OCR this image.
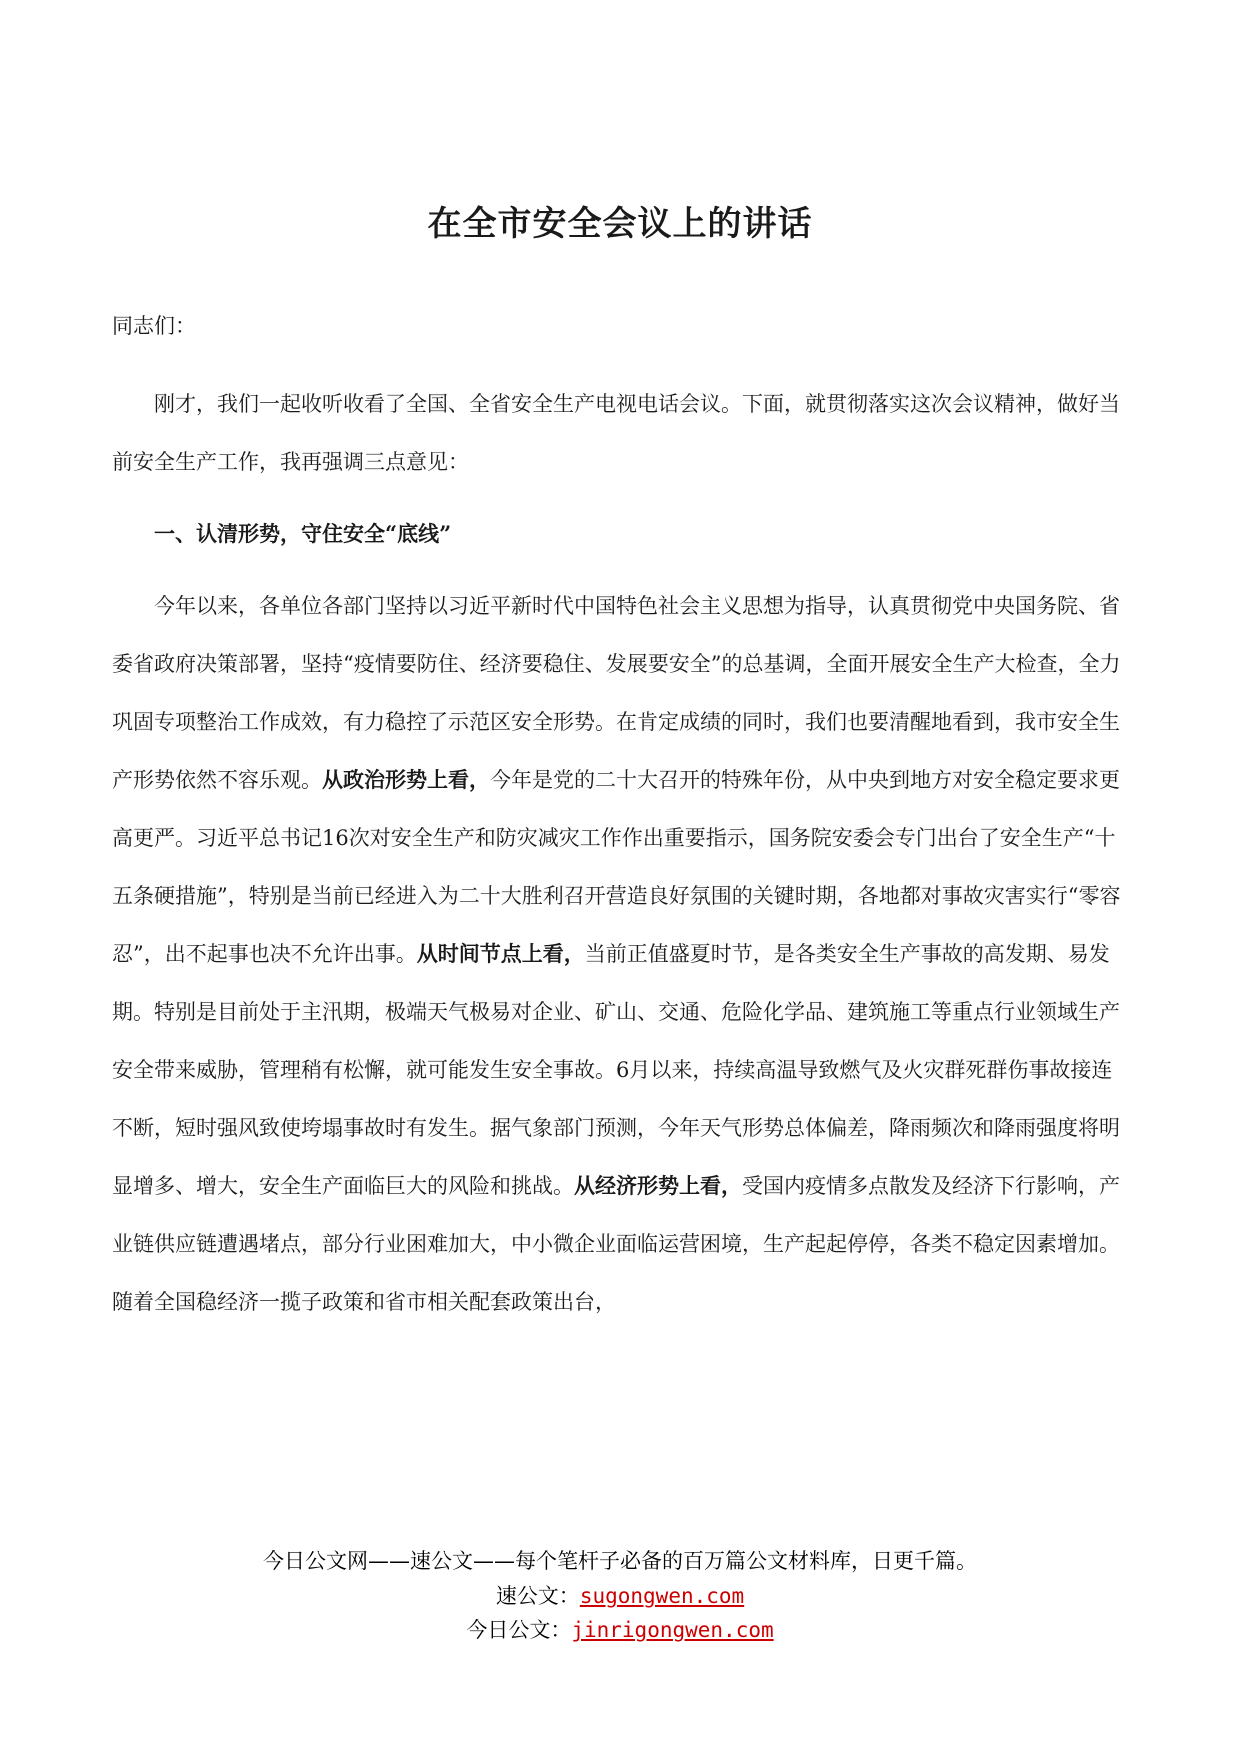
在全市安全会议上的讲话

同志们：

刚才，我们一起收听收看了全国、全省安全生产电视电话会议。下面，就贯彻落实这次会议精神，做好当前安全生产工作，我再强调三点意见：

一、认清形势，守住安全“底线”

今年以来，各单位各部门坚持以习近平新时代中国特色社会主义思想为指导，认真贯彻党中央国务院、省委省政府决策部署，坚持“疫情要防住、经济要稳住、发展要安全”的总基调，全面开展安全生产大检查，全力巩固专项整治工作成效，有力稳控了示范区安全形势。在肯定成绩的同时，我们也要清醒地看到，我市安全生产形势依然不容乐观。从政治形势上看，今年是党的二十大召开的特殊年份，从中央到地方对安全稳定要求更高更严。习近平总书记16次对安全生产和防灾减灾工作作出重要指示，国务院安委会专门出台了安全生产“十五条硬措施”，特别是当前已经进入为二十大胜利召开营造良好氛围的关键时期，各地都对事故灾害实行“零容忍”，出不起事也决不允许出事。从时间节点上看，当前正值盛夏时节，是各类安全生产事故的高发期、易发期。特别是目前处于主汛期，极端天气极易对企业、矿山、交通、危险化学品、建筑施工等重点行业领域生产安全带来威胁，管理稍有松懈，就可能发生安全事故。6月以来，持续高温导致燃气及火灾群死群伤事故接连不断，短时强风致使垮塌事故时有发生。据气象部门预测，今年天气形势总体偏差，降雨频次和降雨强度将明显增多、增大，安全生产面临巨大的风险和挑战。从经济形势上看，受国内疫情多点散发及经济下行影响，产业链供应链遭遇堵点，部分行业困难加大，中小微企业面临运营困境，生产起起停停，各类不稳定因素增加。随着全国稳经济一揽子政策和省市相关配套政策出台，

今日公文网——速公文——每个笔杆子必备的百万篇公文材料库，日更千篇。
速公文：sugongwen.com
今日公文：jinrigongwen.com
